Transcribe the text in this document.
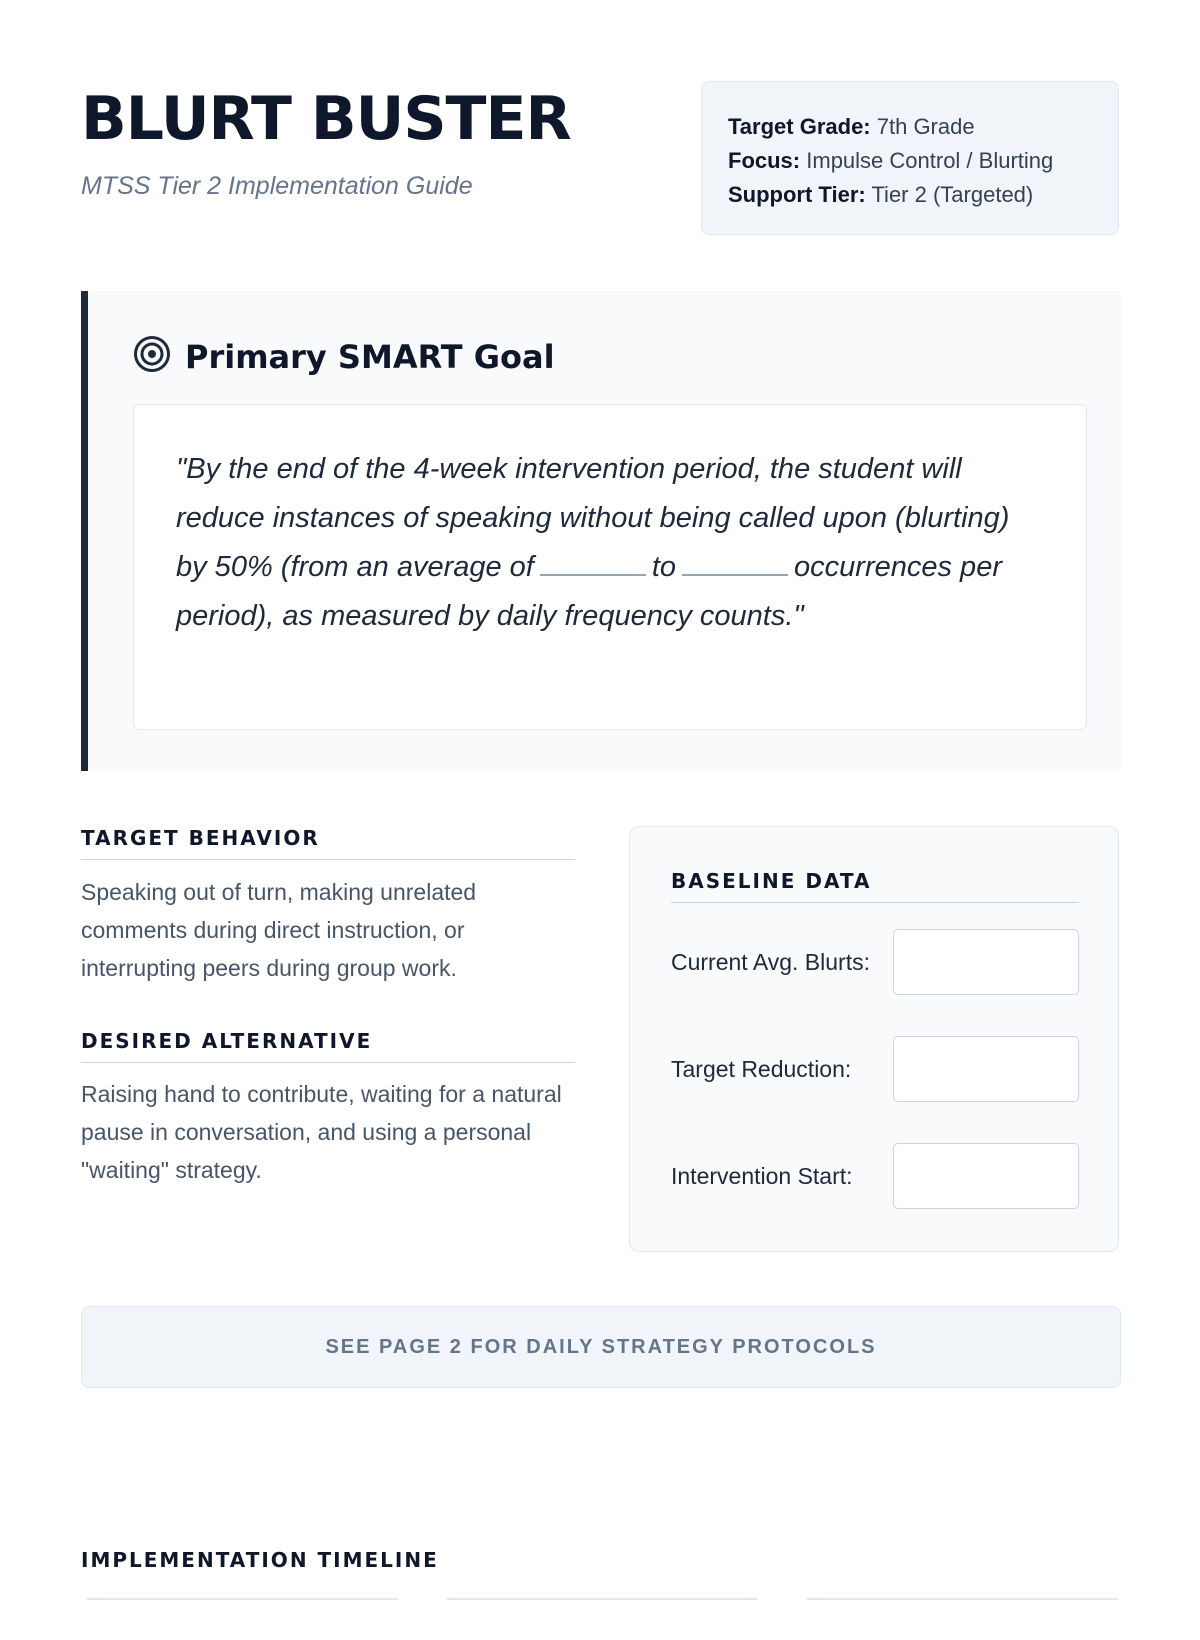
BLURT BUSTER

MTSS Tier 2 Implementation Guide

Target Grade: 7th Grade
Focus: Impulse Control / Blurting
Support Tier: Tier 2 (Targeted)
Primary SMART Goal
"By the end of the 4-week intervention period, the student will reduce instances of speaking without being called upon (blurting) by 50% (from an average of	to	occurrences per period), as measured by daily frequency counts."
TARGET BEHAVIOR

Speaking out of turn, making unrelated comments during direct instruction, or interrupting peers during group work.

DESIRED ALTERNATIVE

Raising hand to contribute, waiting for a natural pause in conversation, and using a personal "waiting" strategy.

BASELINE DATA
Current Avg. Blurts:
Target Reduction:
Intervention Start:
SEE PAGE 2 FOR DAILY STRATEGY PROTOCOLS
IMPLEMENTATION TIMELINE
